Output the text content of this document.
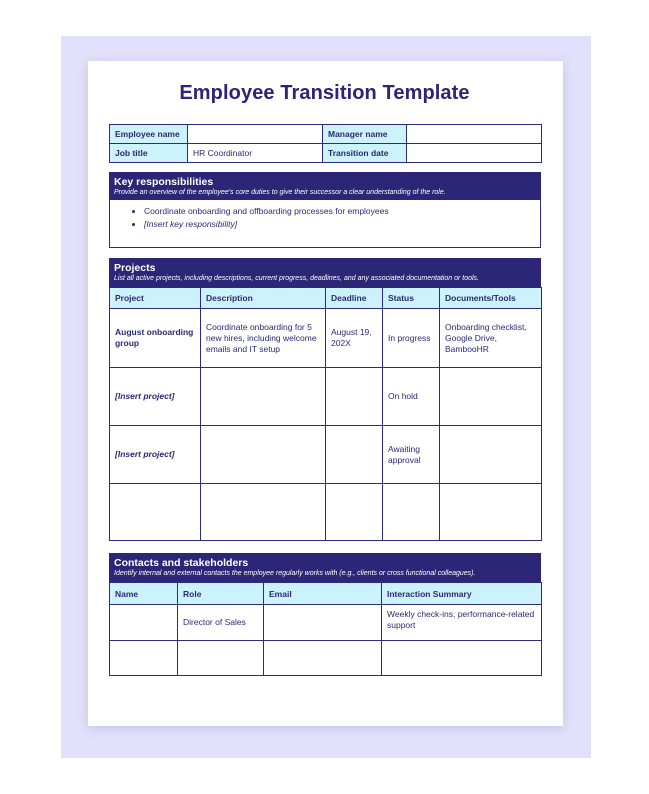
Employee Transition Template
Employee name		Manager name	
Job title	HR Coordinator	Transition date	
Key responsibilities
Provide an overview of the employee's core duties to give their successor a clear understanding of the role.
• Coordinate onboarding and offboarding processes for employees
• [Insert key responsibility]
Projects
List all active projects, including descriptions, current progress, deadlines, and any associated documentation or tools.
Project	Description	Deadline	Status	Documents/Tools
August onboarding group	Coordinate onboarding for 5 new hires, including welcome emails and IT setup	August 19, 202X	In progress	Onboarding checklist, Google Drive, BambooHR
[Insert project]			On hold	
[Insert project]			Awaiting approval	

Contacts and stakeholders
Identify internal and external contacts the employee regularly works with (e.g., clients or cross functional colleagues).
Name	Role	Email	Interaction Summary
	Director of Sales		Weekly check-ins, performance-related support
